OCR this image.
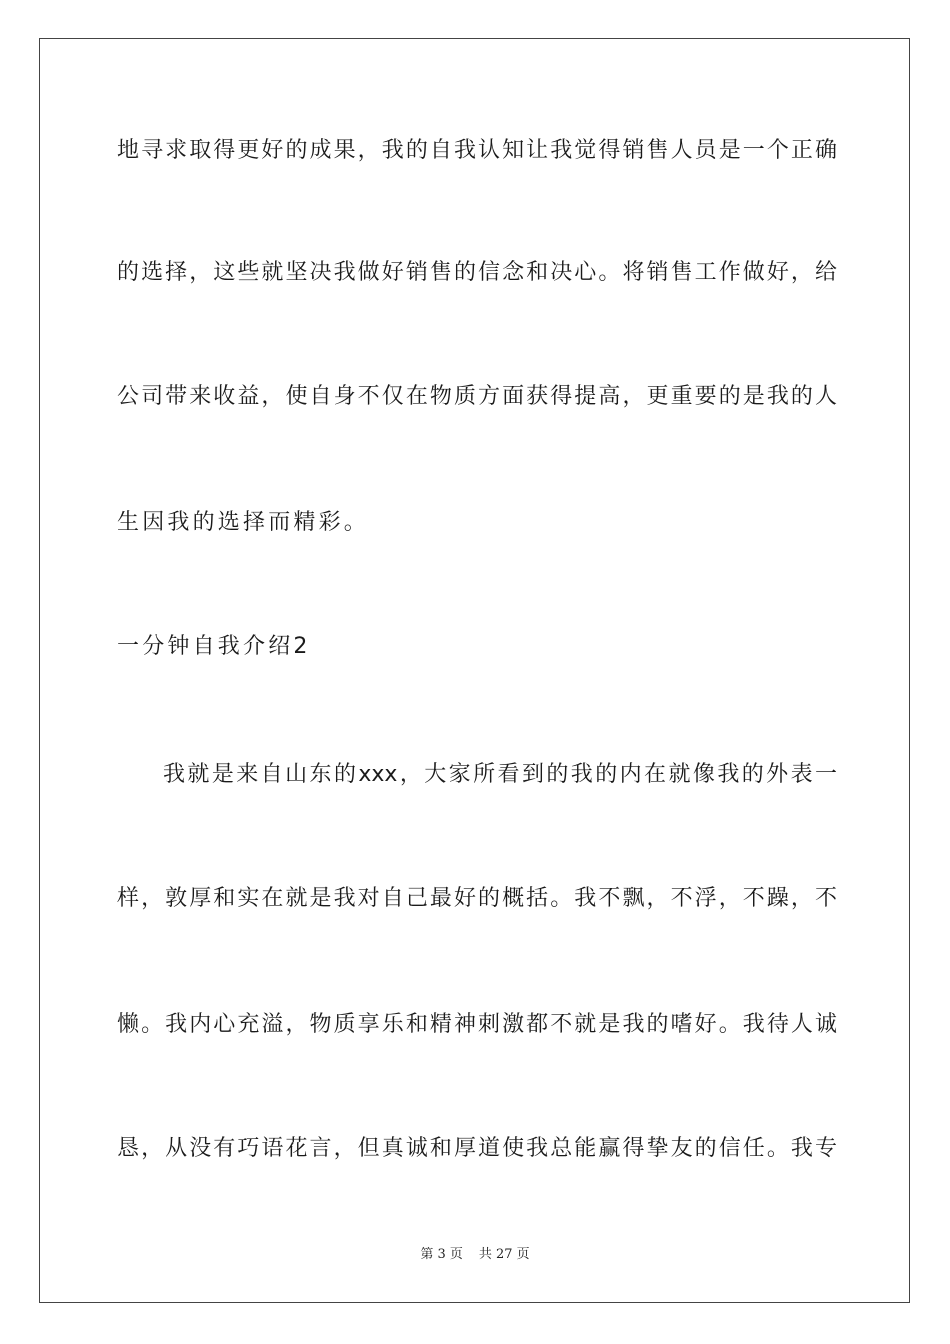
地寻求取得更好的成果，我的自我认知让我觉得销售人员是一个正确
的选择，这些就坚决我做好销售的信念和决心。将销售工作做好，给
公司带来收益，使自身不仅在物质方面获得提高，更重要的是我的人
生因我的选择而精彩。
一分钟自我介绍2
我就是来自山东的xxx，大家所看到的我的内在就像我的外表一
样，敦厚和实在就是我对自己最好的概括。我不飘，不浮，不躁，不
懒。我内心充溢，物质享乐和精神刺激都不就是我的嗜好。我待人诚
恳，从没有巧语花言，但真诚和厚道使我总能赢得挚友的信任。我专
第 3 页 共 27 页
